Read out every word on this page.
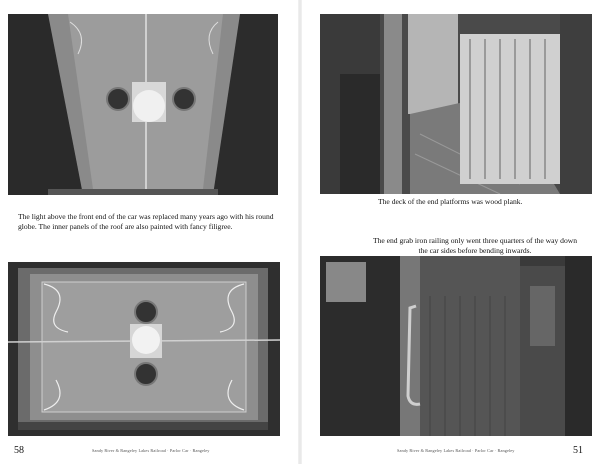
The light above the front end of the car was replaced many years ago with his round globe. The inner panels of the roof are also painted with fancy filigree.
58	Sandy River & Rangeley Lakes Railroad · Parlor Car · Rangeley
The deck of the end platforms was wood plank.
The end grab iron railing only went three quarters of the way down the car sides before bending inwards.
Sandy River & Rangeley Lakes Railroad · Parlor Car · Rangeley	51
